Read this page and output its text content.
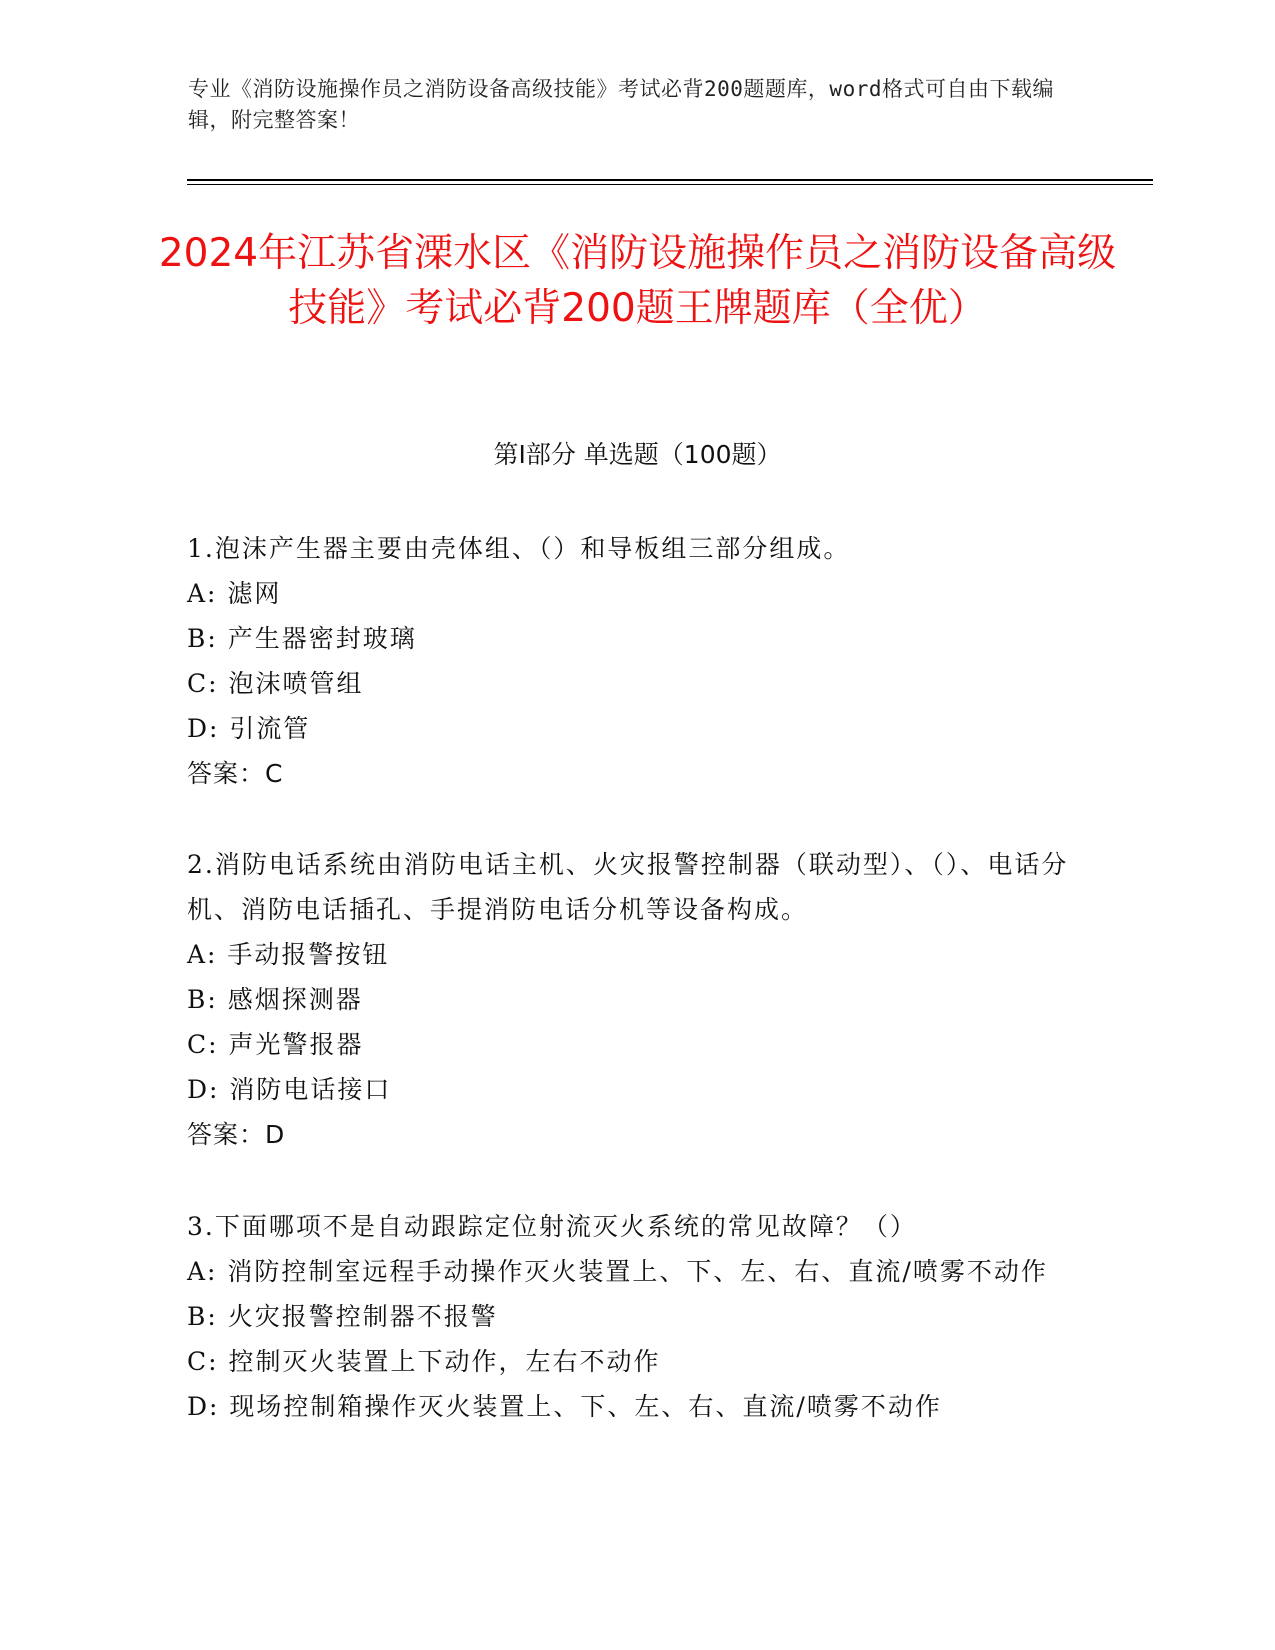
专业《消防设施操作员之消防设备高级技能》考试必背200题题库，word格式可自由下载编辑，附完整答案！
2024年江苏省溧水区《消防设施操作员之消防设备高级技能》考试必背200题王牌题库（全优）
第Ⅰ部分 单选题（100题）
1.泡沫产生器主要由壳体组、（）和导板组三部分组成。
A: 滤网
B: 产生器密封玻璃
C: 泡沫喷管组
D: 引流管
答案：C
2.消防电话系统由消防电话主机、火灾报警控制器（联动型）、（）、电话分机、消防电话插孔、手提消防电话分机等设备构成。
A: 手动报警按钮
B: 感烟探测器
C: 声光警报器
D: 消防电话接口
答案：D
3.下面哪项不是自动跟踪定位射流灭火系统的常见故障？（）
A: 消防控制室远程手动操作灭火装置上、下、左、右、直流/喷雾不动作
B: 火灾报警控制器不报警
C: 控制灭火装置上下动作，左右不动作
D: 现场控制箱操作灭火装置上、下、左、右、直流/喷雾不动作
